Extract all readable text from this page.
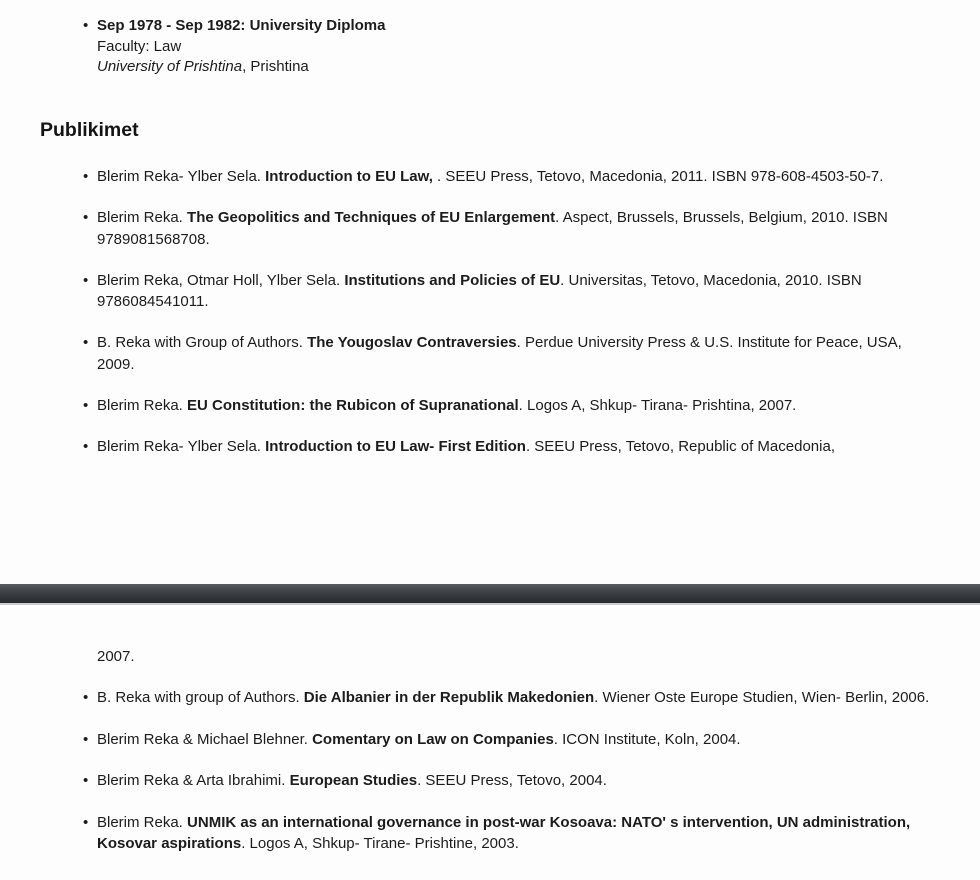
• Sep 1978 - Sep 1982: University Diploma
Faculty: Law
University of Prishtina, Prishtina
Publikimet
• Blerim Reka- Ylber Sela. Introduction to EU Law, . SEEU Press, Tetovo, Macedonia, 2011. ISBN 978-608-4503-50-7.
• Blerim Reka. The Geopolitics and Techniques of EU Enlargement. Aspect, Brussels, Brussels, Belgium, 2010. ISBN 9789081568708.
• Blerim Reka, Otmar Holl, Ylber Sela. Institutions and Policies of EU. Universitas, Tetovo, Macedonia, 2010. ISBN 9786084541011.
• B. Reka with Group of Authors. The Yougoslav Contraversies. Perdue University Press & U.S. Institute for Peace, USA, 2009.
• Blerim Reka. EU Constitution: the Rubicon of Supranational. Logos A, Shkup- Tirana- Prishtina, 2007.
• Blerim Reka- Ylber Sela. Introduction to EU Law- First Edition. SEEU Press, Tetovo, Republic of Macedonia,
2007.
• B. Reka with group of Authors. Die Albanier in der Republik Makedonien. Wiener Oste Europe Studien, Wien- Berlin, 2006.
• Blerim Reka & Michael Blehner. Comentary on Law on Companies. ICON Institute, Koln, 2004.
• Blerim Reka & Arta Ibrahimi. European Studies. SEEU Press, Tetovo, 2004.
• Blerim Reka. UNMIK as an international governance in post-war Kosoava: NATO' s intervention, UN administration, Kosovar aspirations. Logos A, Shkup- Tirane- Prishtine, 2003.
